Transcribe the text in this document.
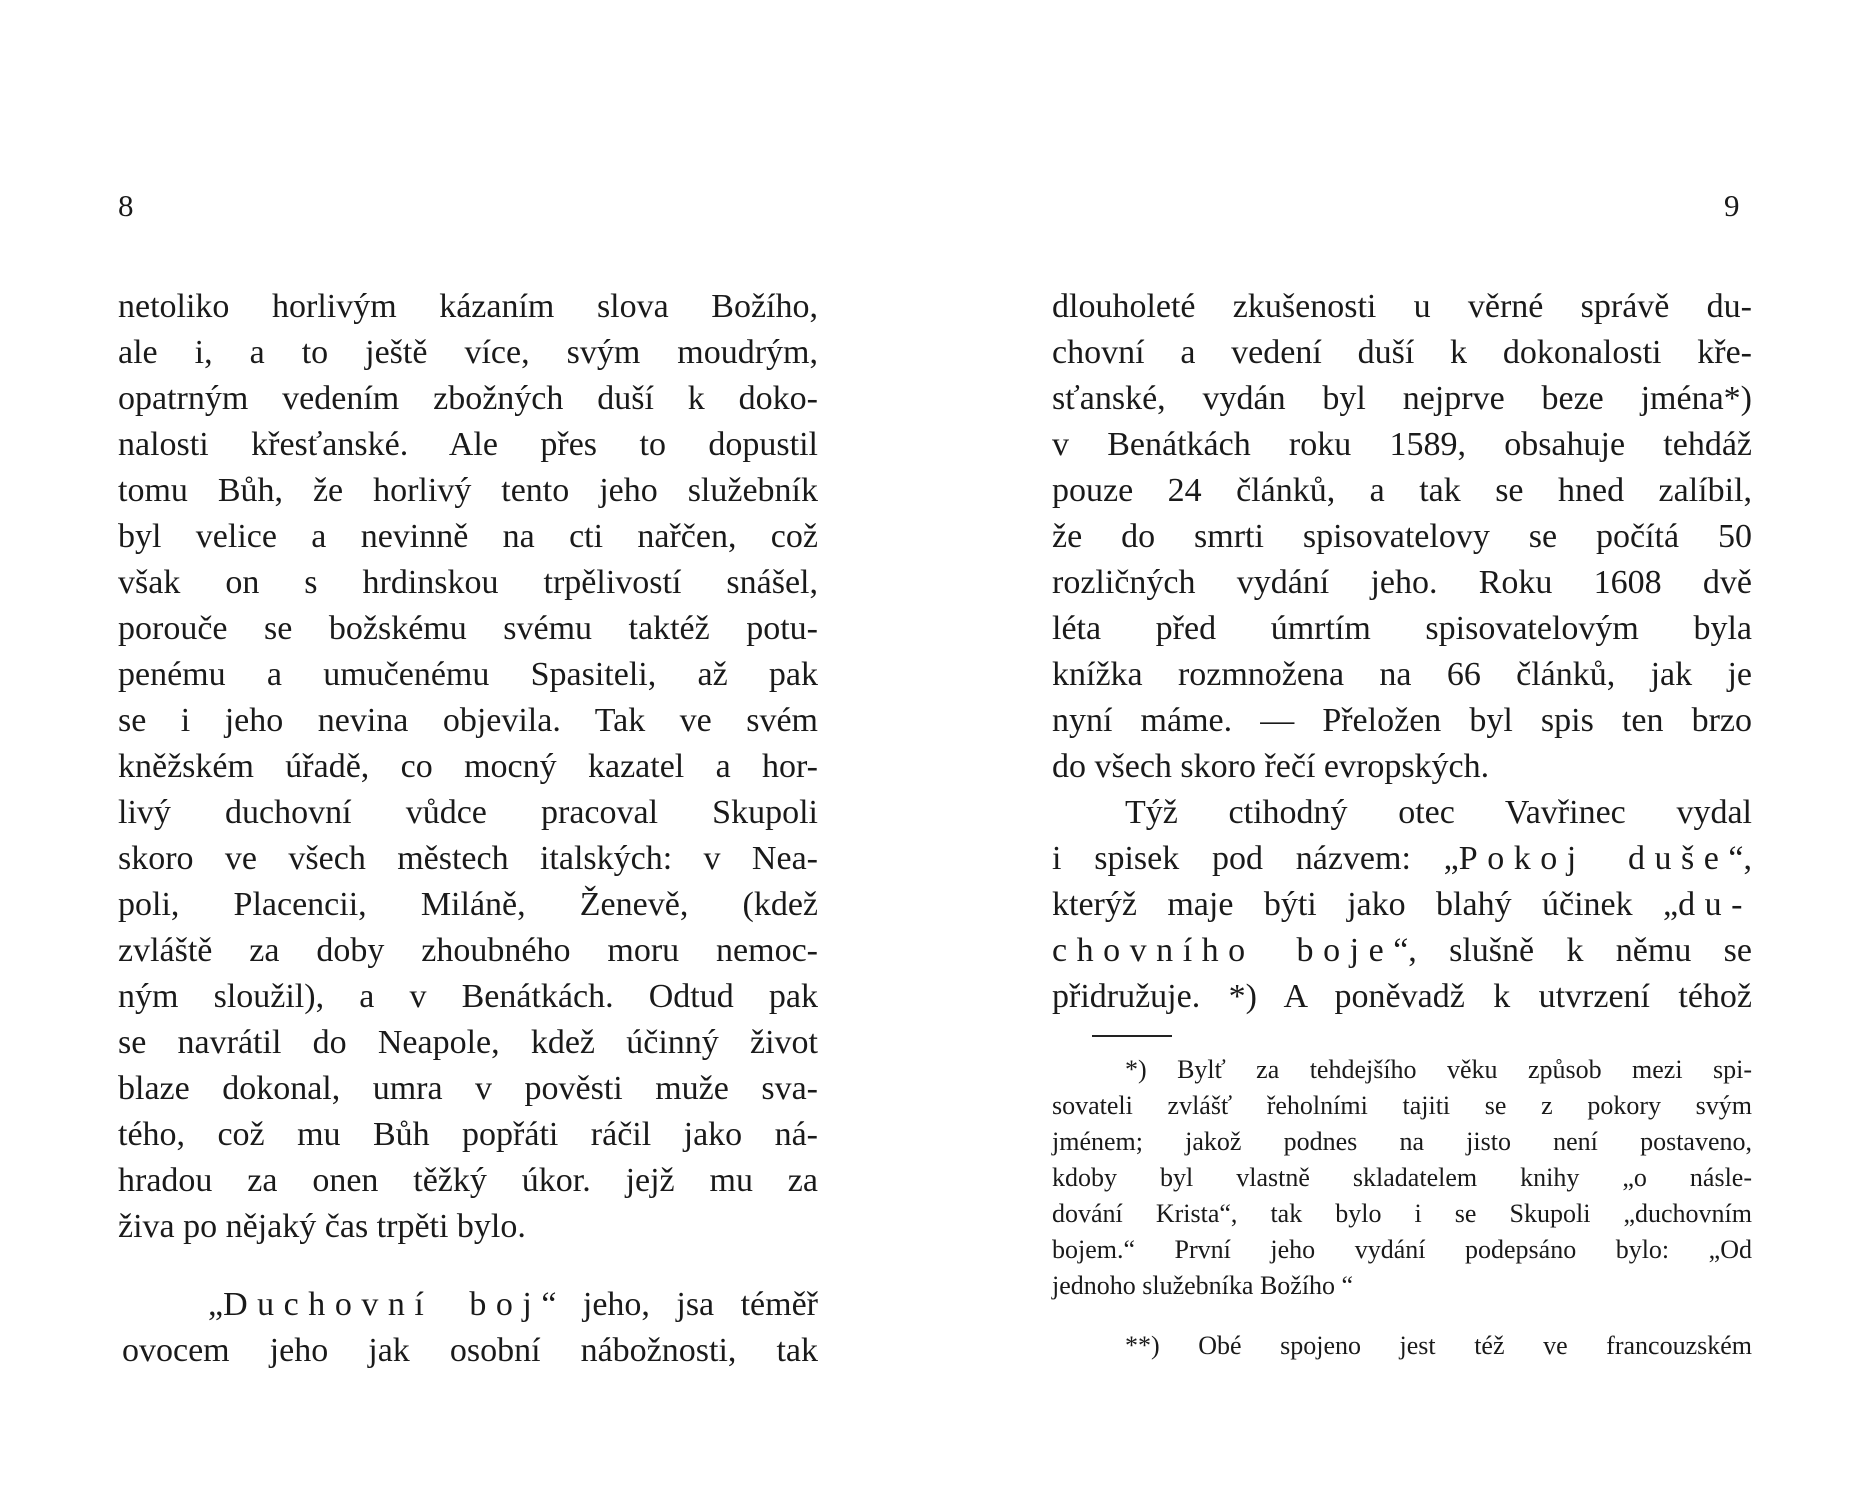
8
netoliko horlivým kázaním slova Božího,
ale i, a to ještě více, svým moudrým,
opatrným vedením zbožných duší k doko-
nalosti křesťanské. Ale přes to dopustil
tomu Bůh, že horlivý tento jeho služebník
byl velice a nevinně na cti nařčen, což
však on s hrdinskou trpělivostí snášel,
porouče se božskému svému taktéž potu-
penému a umučenému Spasiteli, až pak
se i jeho nevina objevila. Tak ve svém
kněžském úřadě, co mocný kazatel a hor-
livý duchovní vůdce pracoval Skupoli
skoro ve všech městech italských: v Nea-
poli, Placencii, Miláně, Ženevě, (kdež
zvláště za doby zhoubného moru nemoc-
ným sloužil), a v Benátkách. Odtud pak
se navrátil do Neapole, kdež účinný život
blaze dokonal, umra v pověsti muže sva-
tého, což mu Bůh popřáti ráčil jako ná-
hradou za onen těžký úkor. jejž mu za
živa po nějaký čas trpěti bylo.
„Duchovní boj“ jeho, jsa téměř
ovocem jeho jak osobní nábožnosti, tak
9
dlouholeté zkušenosti u věrné správě du-
chovní a vedení duší k dokonalosti kře-
sťanské, vydán byl nejprve beze jména*)
v Benátkách roku 1589, obsahuje tehdáž
pouze 24 článků, a tak se hned zalíbil,
že do smrti spisovatelovy se počítá 50
rozličných vydání jeho. Roku 1608 dvě
léta před úmrtím spisovatelovým byla
knížka rozmnožena na 66 článků, jak je
nyní máme. — Přeložen byl spis ten brzo
do všech skoro řečí evropských.
Týž ctihodný otec Vavřinec vydal
i spisek pod názvem: „Pokoj duše“,
kterýž maje býti jako blahý účinek „du-
chovního boje“, slušně k němu se
přidružuje. *) A poněvadž k utvrzení téhož
*) Bylť za tehdejšího věku způsob mezi spi-
sovateli zvlášť řeholními tajiti se z pokory svým
jménem; jakož podnes na jisto není postaveno,
kdoby byl vlastně skladatelem knihy „o násle-
dování Krista“, tak bylo i se Skupoli „duchovním
bojem.“ První jeho vydání podepsáno bylo: „Od
jednoho služebníka Božího “
**) Obé spojeno jest též ve francouzském
